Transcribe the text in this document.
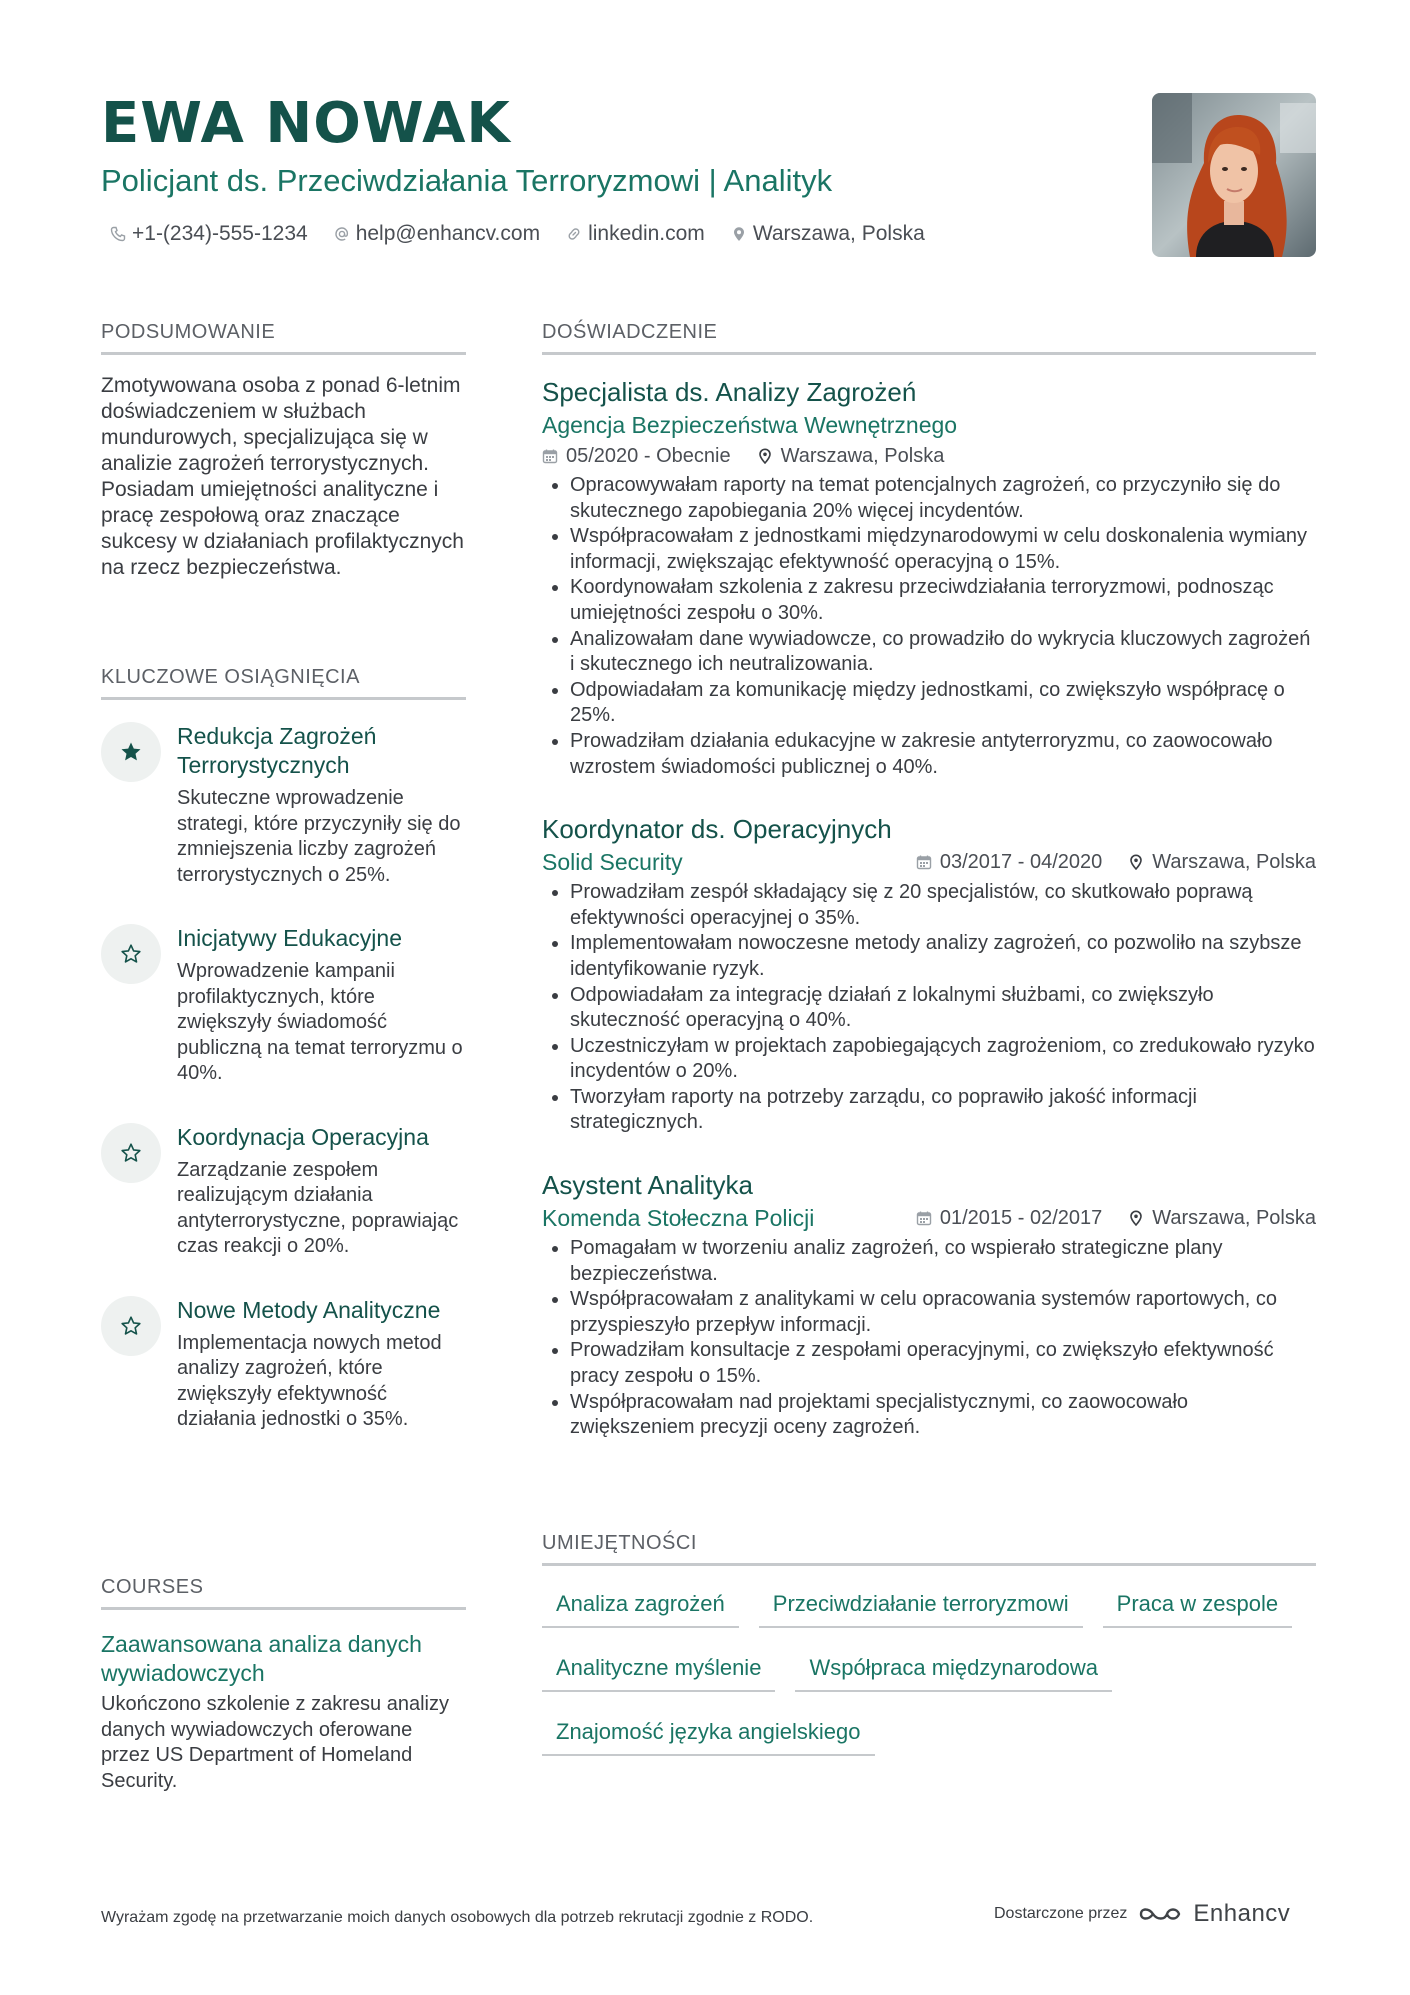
EWA NOWAK
Policjant ds. Przeciwdziałania Terroryzmowi | Analityk
+1-(234)-555-1234 help@enhancv.com linkedin.com Warszawa, Polska
PODSUMOWANIE

Zmotywowana osoba z ponad 6-letnim doświadczeniem w służbach mundurowych, specjalizująca się w analizie zagrożeń terrorystycznych. Posiadam umiejętności analityczne i pracę zespołową oraz znaczące sukcesy w działaniach profilaktycznych na rzecz bezpieczeństwa.

KLUCZOWE OSIĄGNIĘCIA
Redukcja Zagrożeń Terrorystycznych
Skuteczne wprowadzenie strategi, które przyczyniły się do zmniejszenia liczby zagrożeń terrorystycznych o 25%.
Inicjatywy Edukacyjne
Wprowadzenie kampanii profilaktycznych, które zwiększyły świadomość publiczną na temat terroryzmu o 40%.
Koordynacja Operacyjna
Zarządzanie zespołem realizującym działania antyterrorystyczne, poprawiając czas reakcji o 20%.
Nowe Metody Analityczne
Implementacja nowych metod analizy zagrożeń, które zwiększyły efektywność działania jednostki o 35%.
COURSES
Zaawansowana analiza danych wywiadowczych
Ukończono szkolenie z zakresu analizy danych wywiadowczych oferowane przez US Department of Homeland Security.
DOŚWIADCZENIE
Specjalista ds. Analizy Zagrożeń
Agencja Bezpieczeństwa Wewnętrznego
05/2020 - Obecnie	Warszawa, Polska
• Opracowywałam raporty na temat potencjalnych zagrożeń, co przyczyniło się do skutecznego zapobiegania 20% więcej incydentów.
• Współpracowałam z jednostkami międzynarodowymi w celu doskonalenia wymiany informacji, zwiększając efektywność operacyjną o 15%.
• Koordynowałam szkolenia z zakresu przeciwdziałania terroryzmowi, podnosząc umiejętności zespołu o 30%.
• Analizowałam dane wywiadowcze, co prowadziło do wykrycia kluczowych zagrożeń i skutecznego ich neutralizowania.
• Odpowiadałam za komunikację między jednostkami, co zwiększyło współpracę o 25%.
• Prowadziłam działania edukacyjne w zakresie antyterroryzmu, co zaowocowało wzrostem świadomości publicznej o 40%.
Koordynator ds. Operacyjnych
Solid Security	03/2017 - 04/2020	Warszawa, Polska
• Prowadziłam zespół składający się z 20 specjalistów, co skutkowało poprawą efektywności operacyjnej o 35%.
• Implementowałam nowoczesne metody analizy zagrożeń, co pozwoliło na szybsze identyfikowanie ryzyk.
• Odpowiadałam za integrację działań z lokalnymi służbami, co zwiększyło skuteczność operacyjną o 40%.
• Uczestniczyłam w projektach zapobiegających zagrożeniom, co zredukowało ryzyko incydentów o 20%.
• Tworzyłam raporty na potrzeby zarządu, co poprawiło jakość informacji strategicznych.
Asystent Analityka
Komenda Stołeczna Policji	01/2015 - 02/2017	Warszawa, Polska
• Pomagałam w tworzeniu analiz zagrożeń, co wspierało strategiczne plany bezpieczeństwa.
• Współpracowałam z analitykami w celu opracowania systemów raportowych, co przyspieszyło przepływ informacji.
• Prowadziłam konsultacje z zespołami operacyjnymi, co zwiększyło efektywność pracy zespołu o 15%.
• Współpracowałam nad projektami specjalistycznymi, co zaowocowało zwiększeniem precyzji oceny zagrożeń.
UMIEJĘTNOŚCI
Analiza zagrożeń	Przeciwdziałanie terroryzmowi	Praca w zespole
Analityczne myślenie	Współpraca międzynarodowa
Znajomość języka angielskiego
Wyrażam zgodę na przetwarzanie moich danych osobowych dla potrzeb rekrutacji zgodnie z RODO.	Dostarczone przez	Enhancv
